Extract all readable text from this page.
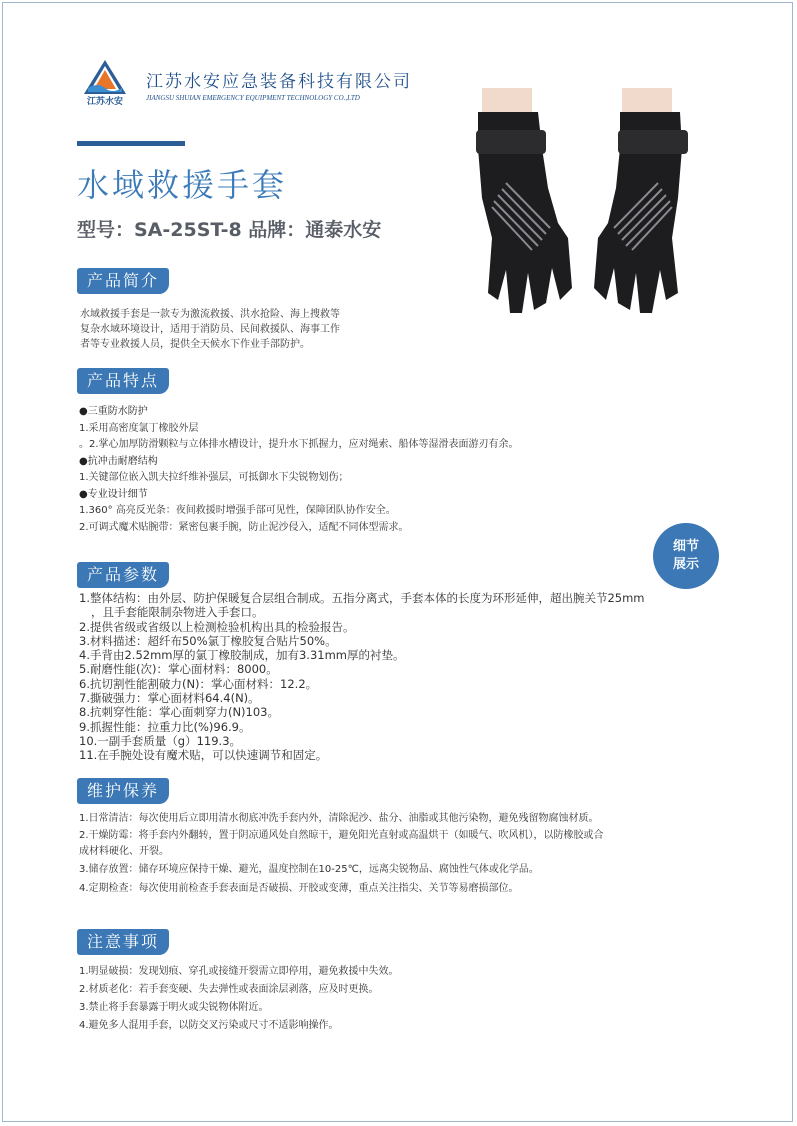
江苏水安
江苏水安应急装备科技有限公司
JIANGSU SHUIAN EMERGENCY EQUIPMENT TECHNOLOGY CO.,LTD
水域救援手套
型号：SA-25ST-8 品牌：通泰水安
产品简介
水域救援手套是一款专为激流救援、洪水抢险、海上搜救等
复杂水域环境设计，适用于消防员、民间救援队、海事工作
者等专业救援人员，提供全天候水下作业手部防护。
产品特点
●三重防水防护
1.采用高密度氯丁橡胶外层
。2.掌心加厚防滑颗粒与立体排水槽设计，提升水下抓握力，应对绳索、船体等湿滑表面游刃有余。
●抗冲击耐磨结构
1.关键部位嵌入凯夫拉纤维补强层，可抵御水下尖锐物划伤；
●专业设计细节
1.360° 高亮反光条：夜间救援时增强手部可见性，保障团队协作安全。
2.可调式魔术贴腕带：紧密包裹手腕，防止泥沙侵入，适配不同体型需求。
细节
展示
产品参数
1.整体结构：由外层、防护保暖复合层组合制成。五指分离式，手套本体的长度为环形延伸，超出腕关节25mm
，且手套能限制杂物进入手套口。
2.提供省级或省级以上检测检验机构出具的检验报告。
3.材料描述：超纤布50%氯丁橡胶复合贴片50%。
4.手背由2.52mm厚的氯丁橡胶制成，加有3.31mm厚的衬垫。
5.耐磨性能(次)：掌心面材料：8000。
6.抗切割性能割破力(N)：掌心面材料：12.2。
7.撕破强力：掌心面材料64.4(N)。
8.抗刺穿性能：掌心面刺穿力(N)103。
9.抓握性能：拉重力比(%)96.9。
10.一副手套质量（g）119.3。
11.在手腕处设有魔术贴，可以快速调节和固定。
维护保养
1.日常清洁：每次使用后立即用清水彻底冲洗手套内外，清除泥沙、盐分、油脂或其他污染物，避免残留物腐蚀材质。
2.干燥防霉：将手套内外翻转，置于阴凉通风处自然晾干，避免阳光直射或高温烘干（如暖气、吹风机），以防橡胶或合
成材料硬化、开裂。
3.储存放置：储存环境应保持干燥、避光，温度控制在10-25℃，远离尖锐物品、腐蚀性气体或化学品。
4.定期检查：每次使用前检查手套表面是否破损、开胶或变薄，重点关注指尖、关节等易磨损部位。
注意事项
1.明显破损：发现划痕、穿孔或接缝开裂需立即停用，避免救援中失效。
2.材质老化：若手套变硬、失去弹性或表面涂层剥落，应及时更换。
3.禁止将手套暴露于明火或尖锐物体附近。
4.避免多人混用手套，以防交叉污染或尺寸不适影响操作。
